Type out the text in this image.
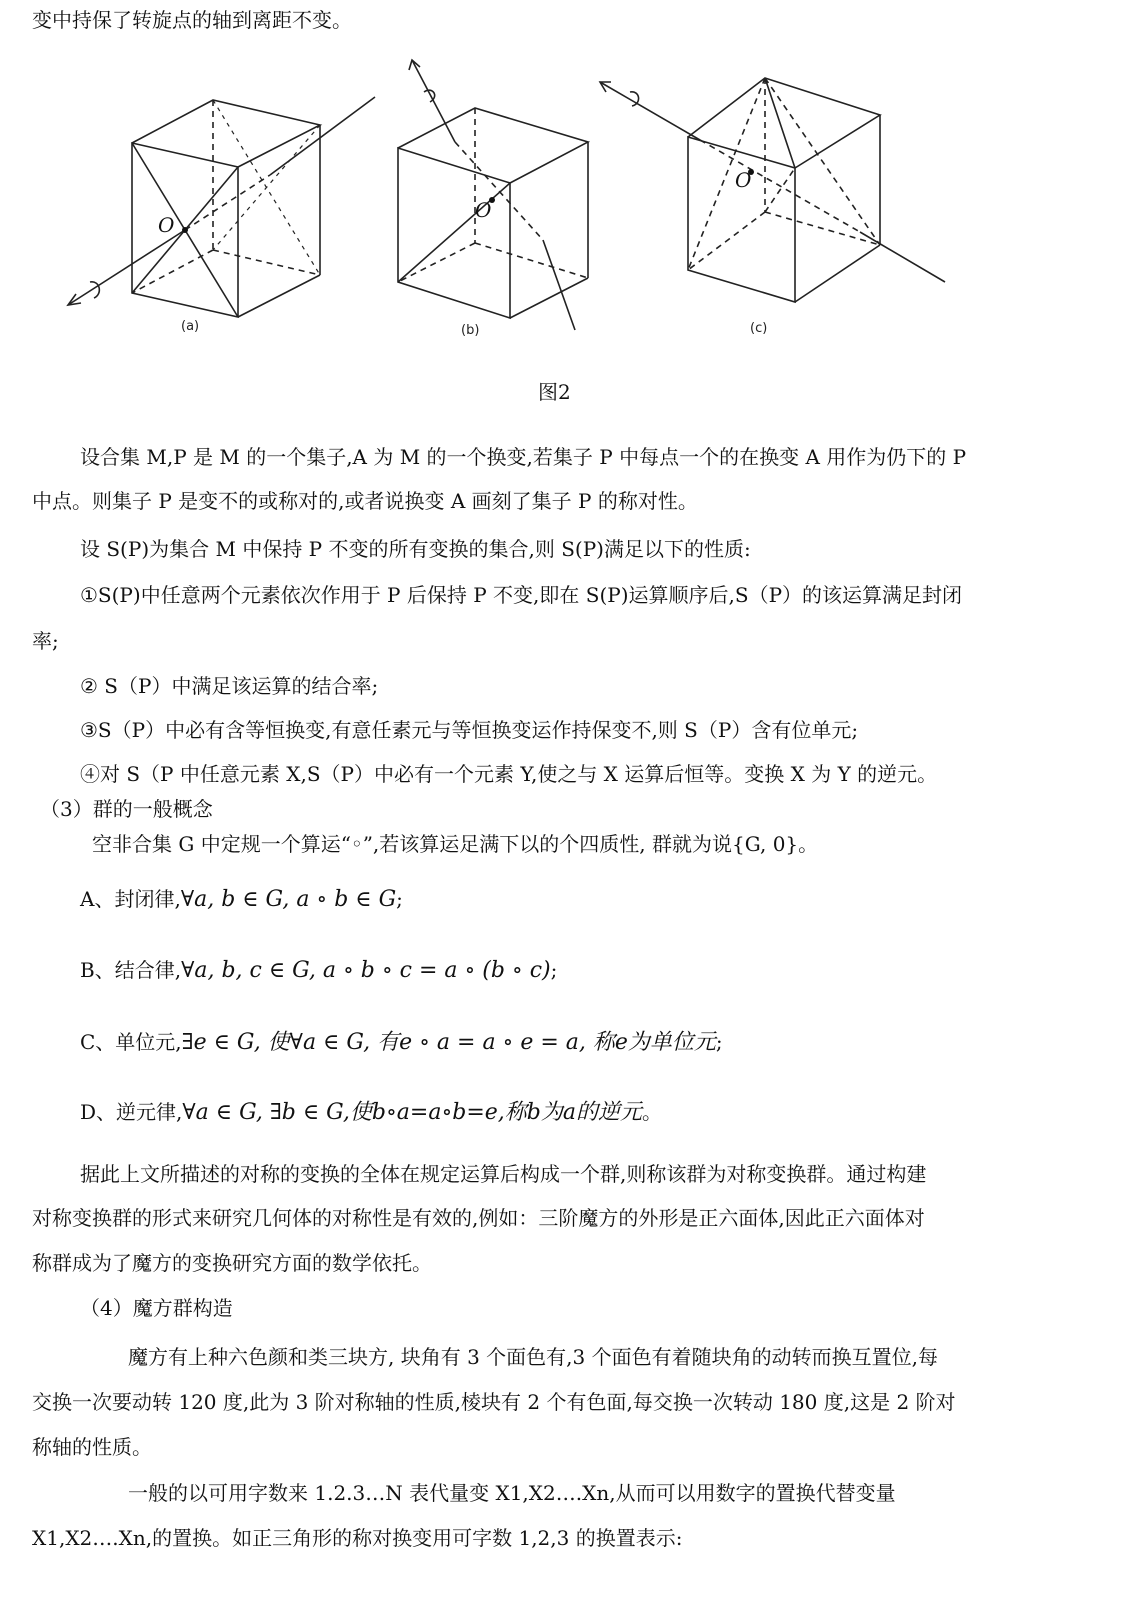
变中持保了转旋点的轴到离距不变。
O
O
O
(a)	(b)	(c)
图2
设合集 M,P 是 M 的一个集子,A 为 M 的一个换变,若集子 P 中每点一个的在换变 A 用作为仍下的 P
中点。则集子 P 是变不的或称对的,或者说换变 A 画刻了集子 P 的称对性。
设 S(P)为集合 M 中保持 P 不变的所有变换的集合,则 S(P)满足以下的性质:
①S(P)中任意两个元素依次作用于 P 后保持 P 不变,即在 S(P)运算顺序后,S（P）的该运算满足封闭
率;
② S（P）中满足该运算的结合率;
③S（P）中必有含等恒换变,有意任素元与等恒换变运作持保变不,则 S（P）含有位单元;
④对 S（P 中任意元素 X,S（P）中必有一个元素 Y,使之与 X 运算后恒等。变换 X 为 Y 的逆元。
（3）群的一般概念
空非合集 G 中定规一个算运“◦”,若该算运足满下以的个四质性, 群就为说{G, 0}。
A、封闭律,∀a, b ∈ G, a ∘ b ∈ G;
B、结合律,∀a, b, c ∈ G, a ∘ b ∘ c = a ∘ (b ∘ c);
C、单位元,∃e ∈ G, 使∀a ∈ G, 有e ∘ a = a ∘ e = a, 称e为单位元;
D、逆元律,∀a ∈ G, ∃b ∈ G,使b∘a=a∘b=e,称b为a的逆元。
据此上文所描述的对称的变换的全体在规定运算后构成一个群,则称该群为对称变换群。通过构建
对称变换群的形式来研究几何体的对称性是有效的,例如：三阶魔方的外形是正六面体,因此正六面体对
称群成为了魔方的变换研究方面的数学依托。
（4）魔方群构造
魔方有上种六色颜和类三块方, 块角有 3 个面色有,3 个面色有着随块角的动转而换互置位,每
交换一次要动转 120 度,此为 3 阶对称轴的性质,棱块有 2 个有色面,每交换一次转动 180 度,这是 2 阶对
称轴的性质。
一般的以可用字数来 1.2.3…N 表代量变 X1,X2….Xn,从而可以用数字的置换代替变量
X1,X2….Xn,的置换。如正三角形的称对换变用可字数 1,2,3 的换置表示:
